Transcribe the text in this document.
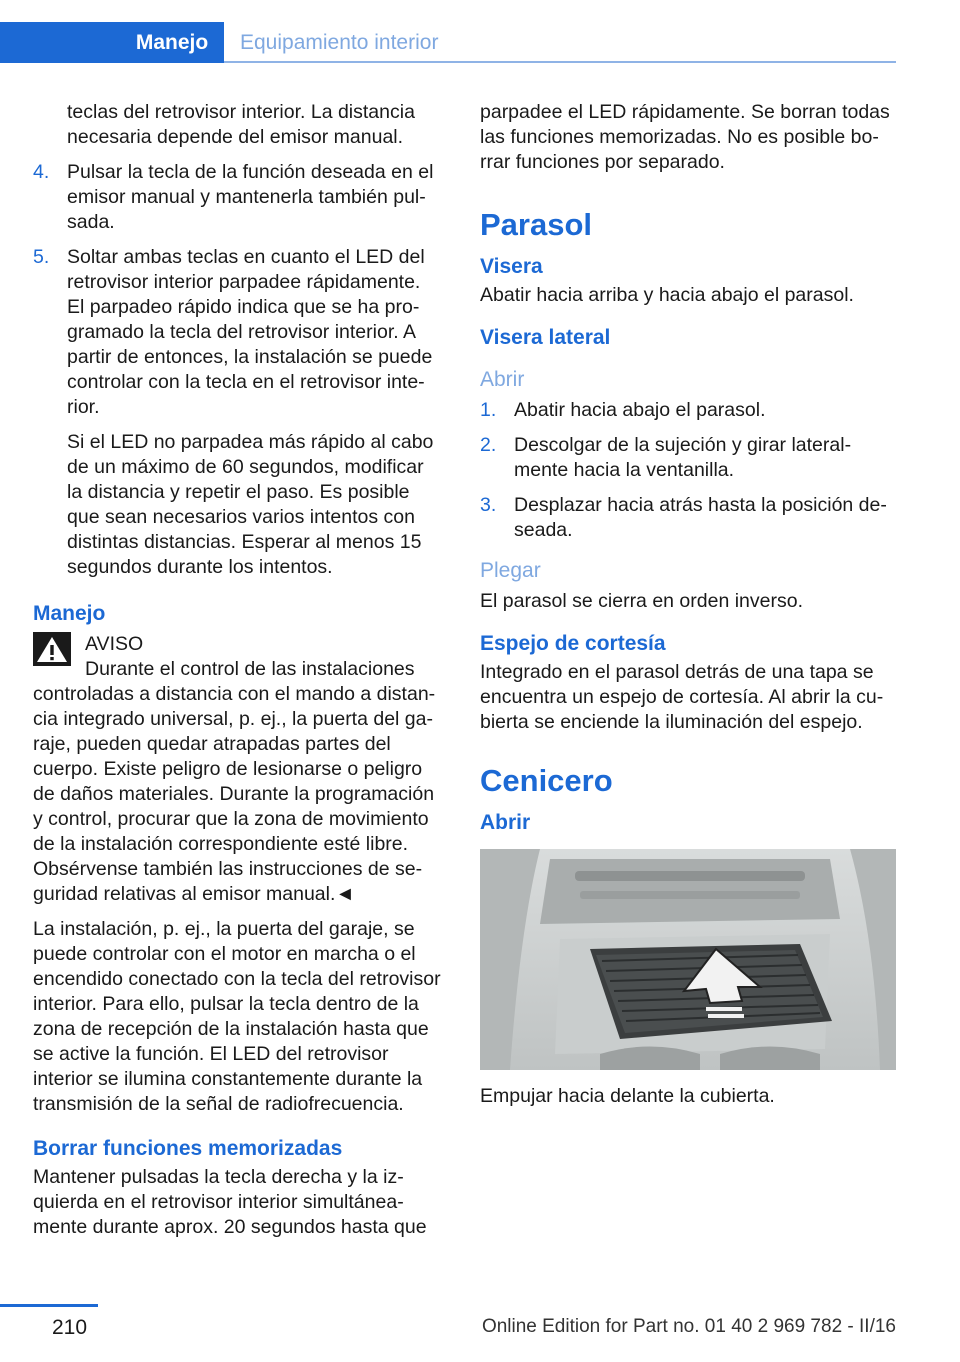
Manejo	Equipamiento interior

teclas del retrovisor interior. La distancia necesaria depende del emisor manual.

4. Pulsar la tecla de la función deseada en el emisor manual y mantenerla también pulsada.
5. Soltar ambas teclas en cuanto el LED del retrovisor interior parpadee rápidamente. El parpadeo rápido indica que se ha programado la tecla del retrovisor interior. A partir de entonces, la instalación se puede controlar con la tecla en el retrovisor interior.

Si el LED no parpadea más rápido al cabo de un máximo de 60 segundos, modificar la distancia y repetir el paso. Es posible que sean necesarios varios intentos con distintas distancias. Esperar al menos 15 segundos durante los intentos.

Manejo
AVISO
Durante el control de las instalaciones

controladas a distancia con el mando a distancia integrado universal, p. ej., la puerta del garaje, pueden quedar atrapadas partes del cuerpo. Existe peligro de lesionarse o peligro de daños materiales. Durante la programación y control, procurar que la zona de movimiento de la instalación correspondiente esté libre. Obsérvense también las instrucciones de seguridad relativas al emisor manual.◄

La instalación, p. ej., la puerta del garaje, se puede controlar con el motor en marcha o el encendido conectado con la tecla del retrovisor interior. Para ello, pulsar la tecla dentro de la zona de recepción de la instalación hasta que se active la función. El LED del retrovisor interior se ilumina constantemente durante la transmisión de la señal de radiofrecuencia.

Borrar funciones memorizadas

Mantener pulsadas la tecla derecha y la izquierda en el retrovisor interior simultáneamente durante aprox. 20 segundos hasta que

parpadee el LED rápidamente. Se borran todas las funciones memorizadas. No es posible borrar funciones por separado.

Parasol
Visera

Abatir hacia arriba y hacia abajo el parasol.

Visera lateral
Abrir
1. Abatir hacia abajo el parasol.
2. Descolgar de la sujeción y girar lateralmente hacia la ventanilla.
3. Desplazar hacia atrás hasta la posición deseada.
Plegar

El parasol se cierra en orden inverso.

Espejo de cortesía

Integrado en el parasol detrás de una tapa se encuentra un espejo de cortesía. Al abrir la cubierta se enciende la iluminación del espejo.

Cenicero
Abrir

Empujar hacia delante la cubierta.

210	Online Edition for Part no. 01 40 2 969 782 - II/16
